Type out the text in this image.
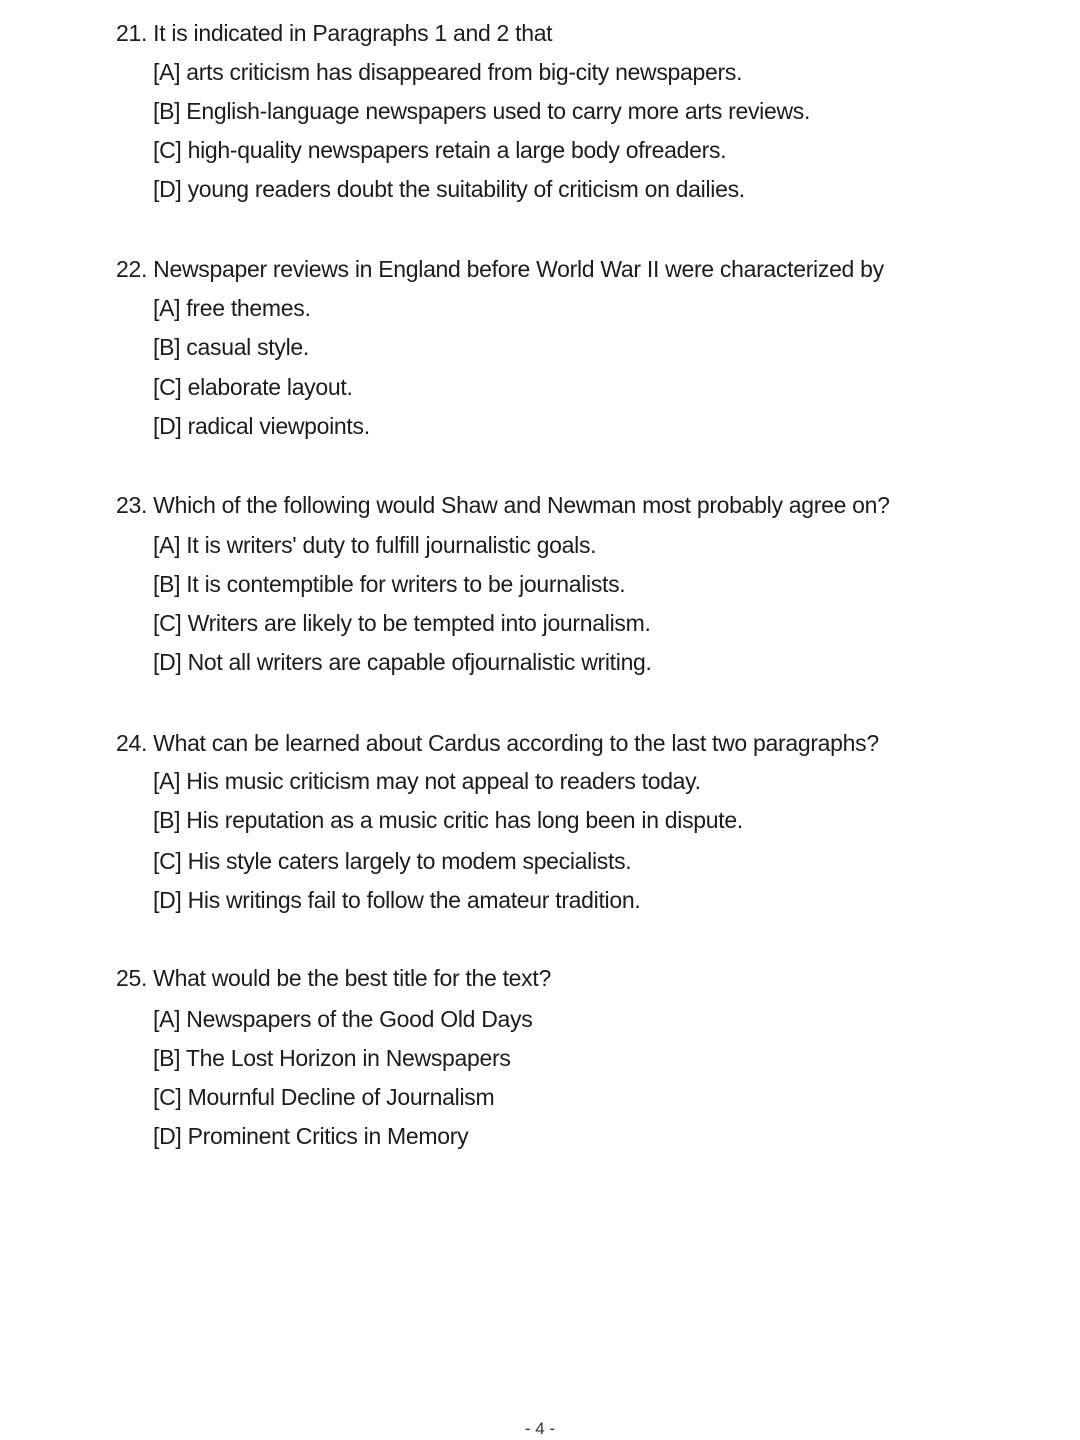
21. It is indicated in Paragraphs 1 and 2 that
[A] arts criticism has disappeared from big-city newspapers.
[B] English-language newspapers used to carry more arts reviews.
[C] high-quality newspapers retain a large body ofreaders.
[D] young readers doubt the suitability of criticism on dailies.
22. Newspaper reviews in England before World War II were characterized by
[A] free themes.
[B] casual style.
[C] elaborate layout.
[D] radical viewpoints.
23. Which of the following would Shaw and Newman most probably agree on?
[A] It is writers' duty to fulfill journalistic goals.
[B] It is contemptible for writers to be journalists.
[C] Writers are likely to be tempted into journalism.
[D] Not all writers are capable ofjournalistic writing.
24. What can be learned about Cardus according to the last two paragraphs?
[A] His music criticism may not appeal to readers today.
[B] His reputation as a music critic has long been in dispute.
[C] His style caters largely to modem specialists.
[D] His writings fail to follow the amateur tradition.
25. What would be the best title for the text?
[A] Newspapers of the Good Old Days
[B] The Lost Horizon in Newspapers
[C] Mournful Decline of Journalism
[D] Prominent Critics in Memory
- 4 -
